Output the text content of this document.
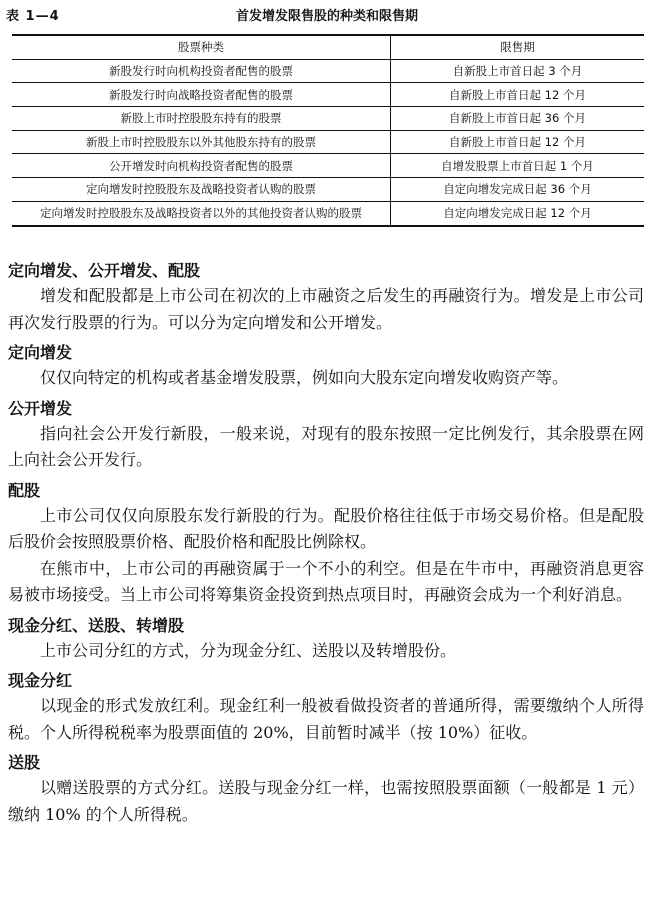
表 1—4	首发增发限售股的种类和限售期
股票种类	限售期
新股发行时向机构投资者配售的股票	自新股上市首日起 3 个月
新股发行时向战略投资者配售的股票	自新股上市首日起 12 个月
新股上市时控股股东持有的股票	自新股上市首日起 36 个月
新股上市时控股股东以外其他股东持有的股票	自新股上市首日起 12 个月
公开增发时向机构投资者配售的股票	自增发股票上市首日起 1 个月
定向增发时控股股东及战略投资者认购的股票	自定向增发完成日起 36 个月
定向增发时控股股东及战略投资者以外的其他投资者认购的股票	自定向增发完成日起 12 个月
定向增发、公开增发、配股

增发和配股都是上市公司在初次的上市融资之后发生的再融资行为。增发是上市公司再次发行股票的行为。可以分为定向增发和公开增发。

定向增发

仅仅向特定的机构或者基金增发股票，例如向大股东定向增发收购资产等。

公开增发

指向社会公开发行新股，一般来说，对现有的股东按照一定比例发行，其余股票在网上向社会公开发行。

配股

上市公司仅仅向原股东发行新股的行为。配股价格往往低于市场交易价格。但是配股后股价会按照股票价格、配股价格和配股比例除权。

在熊市中，上市公司的再融资属于一个不小的利空。但是在牛市中，再融资消息更容易被市场接受。当上市公司将筹集资金投资到热点项目时，再融资会成为一个利好消息。

现金分红、送股、转增股

上市公司分红的方式，分为现金分红、送股以及转增股份。

现金分红

以现金的形式发放红利。现金红利一般被看做投资者的普通所得，需要缴纳个人所得税。个人所得税税率为股票面值的 20%，目前暂时减半（按 10%）征收。

送股

以赠送股票的方式分红。送股与现金分红一样，也需按照股票面额（一般都是 1 元）缴纳 10% 的个人所得税。
